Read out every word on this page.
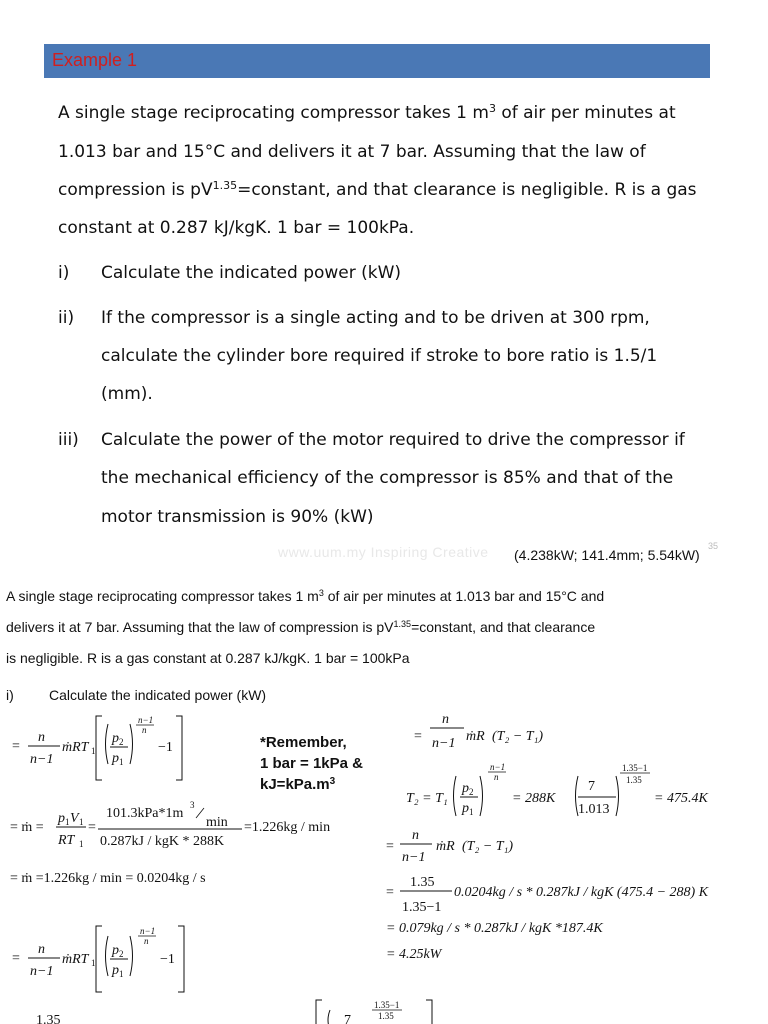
Example 1
A single stage reciprocating compressor takes 1 $m^3$ of air per minutes at
1.013 bar and 15°C and delivers it at 7 bar. Assuming that the law of
compression is $pV^{1.35}=constant$, and that clearance is negligible. R is a gas
constant at 0.287 kJ/kgK. 1 bar = 100kPa.
i) Calculate the indicated power (kW)
ii) If the compressor is a single acting and to be driven at 300 rpm,
calculate the cylinder bore required if stroke to bore ratio is 1.5/1
(mm).
iii) Calculate the power of the motor required to drive the compressor if
the mechanical efficiency of the compressor is 85% and that of the
motor transmission is 90% (kW)
www.uum.my Inspiring Creative (4.238kW; 141.4mm; 5.54kW)
35
A single stage reciprocating compressor takes 1 $m^3$ of air per minutes at 1.013 bar and 15°C and
delivers it at 7 bar. Assuming that the law of compression is $pV^{1.35}=constant$, and that clearance
is negligible. R is a gas constant at 0.287 kJ/kgK. 1 bar = 100kPa
i)	Calculate the indicated power (kW)
*Remember,
1 bar = 1kPa &
$kJ=kPa.m^3$
=
n
n−1
ṁRT 1
p 2
p 1
n−1
n
−1
= ṁ =
p 1 V 1
RT 1
=
101.3kPa*1m
3
min
0.287kJ / kgK * 288K
=1.226kg / min
= ṁ =1.226kg / min = 0.0204kg / s
=
n
n−1
ṁRT 1
p 2
p 1
n−1
n
−1
1.35	7
1.35−1
1.35
=
n
n−1 ṁR (T₂ − T₁)
T₂ = T₁
p 2
p 1
n−1
n
= 288K
7
1.013
1.35−1
1.35
= 475.4K
=
n
n−1
ṁR (T₂ − T₁)
=
1.35
1.35−1
0.0204kg / s * 0.287kJ / kgK (475.4 − 288) K
= 0.079kg / s * 0.287kJ / kgK *187.4K
= 4.25kW
